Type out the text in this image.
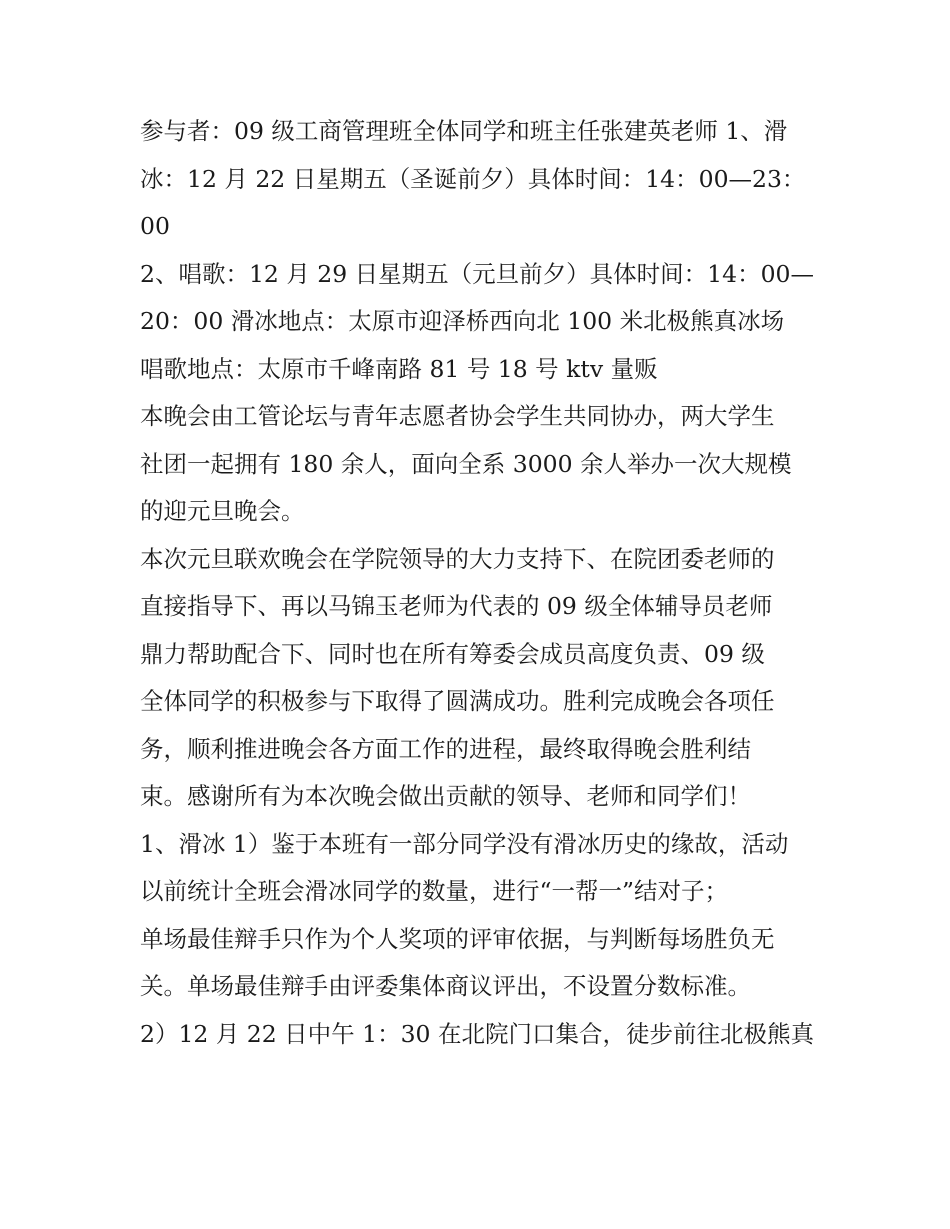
参与者：09 级工商管理班全体同学和班主任张建英老师 1、滑
冰：12 月 22 日星期五（圣诞前夕）具体时间：14：00—23：
00
2、唱歌：12 月 29 日星期五（元旦前夕）具体时间：14：00—
20：00 滑冰地点：太原市迎泽桥西向北 100 米北极熊真冰场
唱歌地点：太原市千峰南路 81 号 18 号 ktv 量贩
本晚会由工管论坛与青年志愿者协会学生共同协办，两大学生
社团一起拥有 180 余人，面向全系 3000 余人举办一次大规模
的迎元旦晚会。
本次元旦联欢晚会在学院领导的大力支持下、在院团委老师的
直接指导下、再以马锦玉老师为代表的 09 级全体辅导员老师
鼎力帮助配合下、同时也在所有筹委会成员高度负责、09 级
全体同学的积极参与下取得了圆满成功。胜利完成晚会各项任
务，顺利推进晚会各方面工作的进程，最终取得晚会胜利结
束。感谢所有为本次晚会做出贡献的领导、老师和同学们！
1、滑冰 1）鉴于本班有一部分同学没有滑冰历史的缘故，活动
以前统计全班会滑冰同学的数量，进行“一帮一”结对子；
单场最佳辩手只作为个人奖项的评审依据，与判断每场胜负无
关。单场最佳辩手由评委集体商议评出，不设置分数标准。
2）12 月 22 日中午 1：30 在北院门口集合，徒步前往北极熊真
